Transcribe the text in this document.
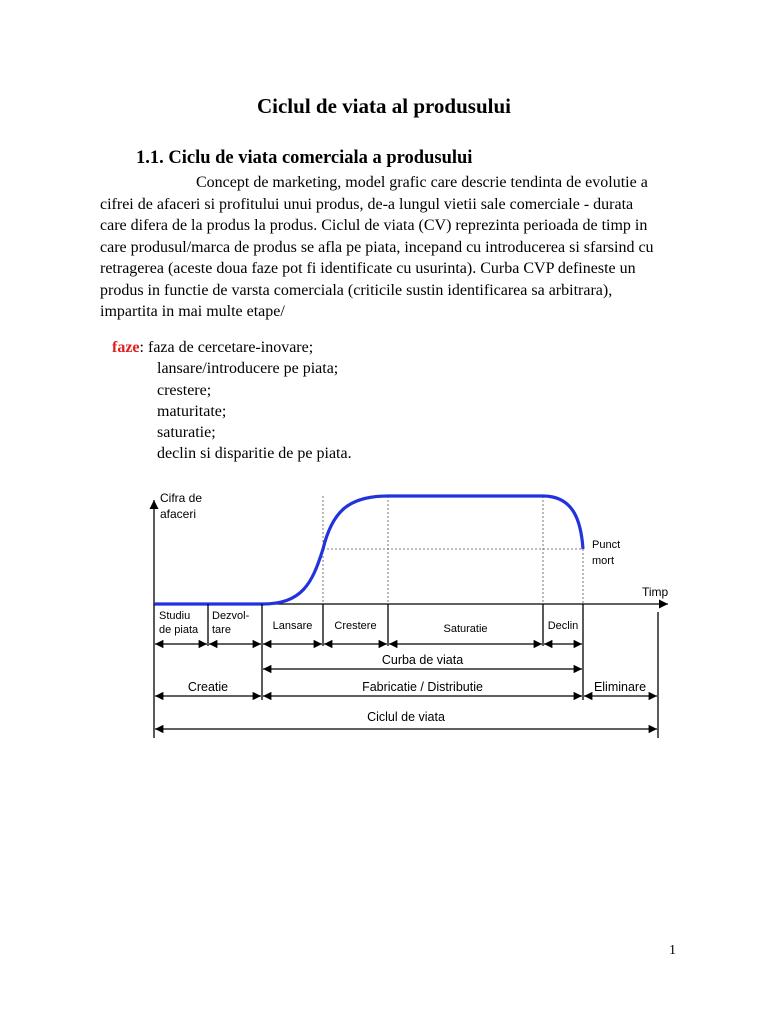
Ciclul de viata al produsului
1.1. Ciclu de viata comerciala a produsului

Concept de marketing, model grafic care descrie tendinta de evolutie a cifrei de afaceri si profitului unui produs, de-a lungul vietii sale comerciale - durata care difera de la produs la produs. Ciclul de viata (CV) reprezinta perioada de timp in care produsul/marca de produs se afla pe piata, incepand cu introducerea si sfarsind cu retragerea (aceste doua faze pot fi identificate cu usurinta). Curba CVP defineste un produs in functie de varsta comerciala (criticile sustin identificarea sa arbitrara), impartita in mai multe etape/

faze: faza de cercetare-inovare;
lansare/introducere pe piata;
crestere;
maturitate;
saturatie;
declin si disparitie de pe piata.
Cifra de
afaceri
Timp
Punct
mort
Studiu
de piata
Dezvol-
tare	Lansare Crestere	Saturatie	Declin
Curba de viata
Creatie	Fabricatie / Distributie	Eliminare
Ciclul de viata
1
